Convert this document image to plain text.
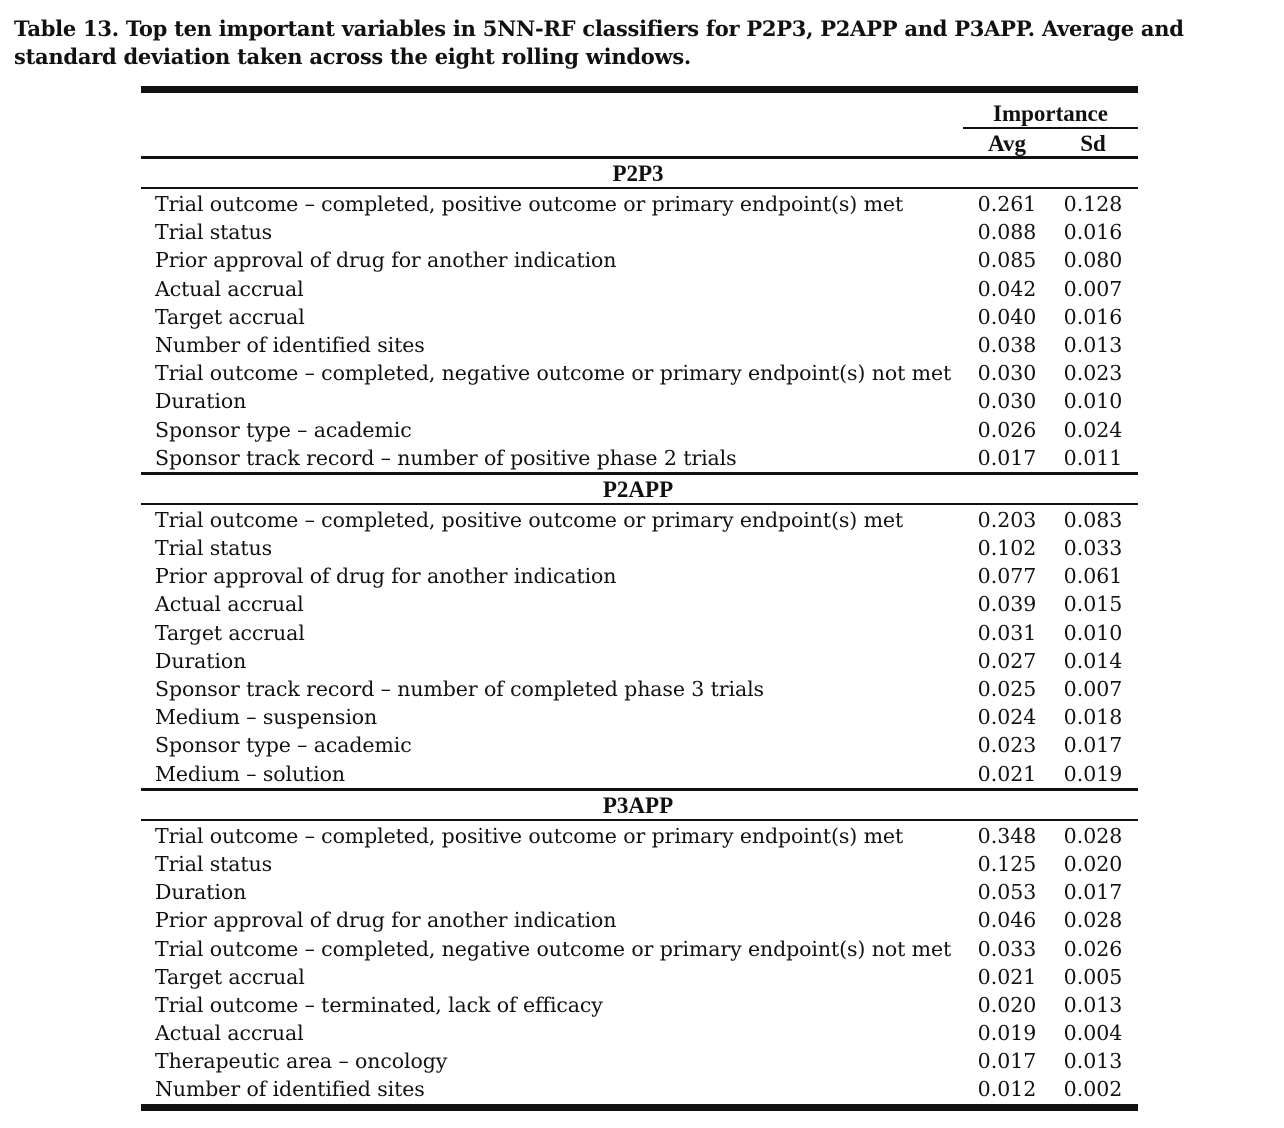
Table 13. Top ten important variables in 5NN-RF classifiers for P2P3, P2APP and P3APP. Average and standard deviation taken across the eight rolling windows.
Importance
Avg	Sd
P2P3
Trial outcome – completed, positive outcome or primary endpoint(s) met	0.261	0.128
Trial status	0.088	0.016
Prior approval of drug for another indication	0.085	0.080
Actual accrual	0.042	0.007
Target accrual	0.040	0.016
Number of identified sites	0.038	0.013
Trial outcome – completed, negative outcome or primary endpoint(s) not met	0.030	0.023
Duration	0.030	0.010
Sponsor type – academic	0.026	0.024
Sponsor track record – number of positive phase 2 trials	0.017	0.011
P2APP
Trial outcome – completed, positive outcome or primary endpoint(s) met	0.203	0.083
Trial status	0.102	0.033
Prior approval of drug for another indication	0.077	0.061
Actual accrual	0.039	0.015
Target accrual	0.031	0.010
Duration	0.027	0.014
Sponsor track record – number of completed phase 3 trials	0.025	0.007
Medium – suspension	0.024	0.018
Sponsor type – academic	0.023	0.017
Medium – solution	0.021	0.019
P3APP
Trial outcome – completed, positive outcome or primary endpoint(s) met	0.348	0.028
Trial status	0.125	0.020
Duration	0.053	0.017
Prior approval of drug for another indication	0.046	0.028
Trial outcome – completed, negative outcome or primary endpoint(s) not met	0.033	0.026
Target accrual	0.021	0.005
Trial outcome – terminated, lack of efficacy	0.020	0.013
Actual accrual	0.019	0.004
Therapeutic area – oncology	0.017	0.013
Number of identified sites	0.012	0.002
